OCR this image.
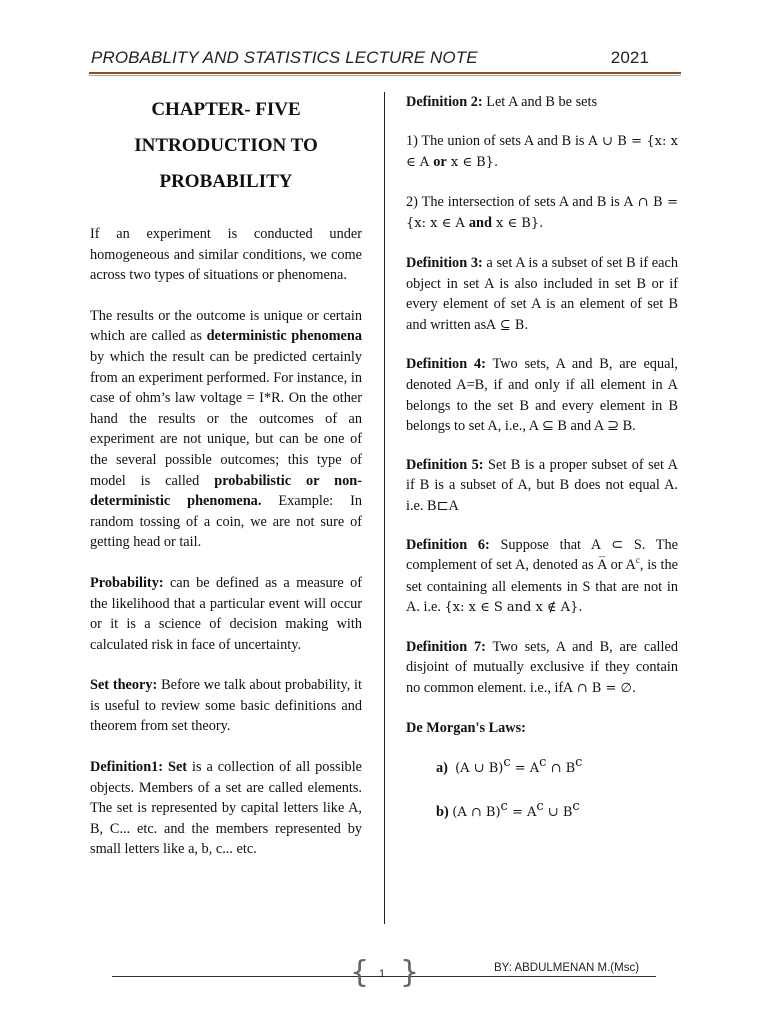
PROBABLITY AND STATISTICS LECTURE NOTE	2021
CHAPTER- FIVE
INTRODUCTION TO
PROBABILITY

If an experiment is conducted under homogeneous and similar conditions, we come across two types of situations or phenomena.

The results or the outcome is unique or certain which are called as deterministic phenomena by which the result can be predicted certainly from an experiment performed. For instance, in case of ohm’s law voltage = I*R. On the other hand the results or the outcomes of an experiment are not unique, but can be one of the several possible outcomes; this type of model is called probabilistic or non-deterministic phenomena. Example: In random tossing of a coin, we are not sure of getting head or tail.

Probability: can be defined as a measure of the likelihood that a particular event will occur or it is a science of decision making with calculated risk in face of uncertainty.

Set theory: Before we talk about probability, it is useful to review some basic definitions and theorem from set theory.

Definition1: Set is a collection of all possible objects. Members of a set are called elements. The set is represented by capital letters like A, B, C... etc. and the members represented by small letters like a, b, c... etc.

Definition 2: Let A and B be sets

1) The union of sets A and B is A ∪ B = {x: x ∈ A or x ∈ B}.

2) The intersection of sets A and B is A ∩ B = {x: x ∈ A and x ∈ B}.

Definition 3: a set A is a subset of set B if each object in set A is also included in set B or if every element of set A is an element of set B and written asA ⊆ B.

Definition 4: Two sets, A and B, are equal, denoted A=B, if and only if all element in A belongs to the set B and every element in B belongs to set A, i.e., A ⊆ B and A ⊇ B.

Definition 5: Set B is a proper subset of set A if B is a subset of A, but B does not equal A. i.e. B⊏A

Definition 6: Suppose that A ⊂ S. The complement of set A, denoted as A̅ or $A^c$, is the set containing all elements in S that are not in A. i.e. {x: x ∈ S and x ∉ A}.

Definition 7: Two sets, A and B, are called disjoint of mutually exclusive if they contain no common element. i.e., ifA ∩ B = ∅.

De Morgan's Laws:
a) (A ∪ $B)^c = A^c$ ∩ $B^c$
b) (A ∩ $B)^c = A^c$ ∪ $B^c$
{ }
1	BY: ABDULMENAN M.(Msc)
